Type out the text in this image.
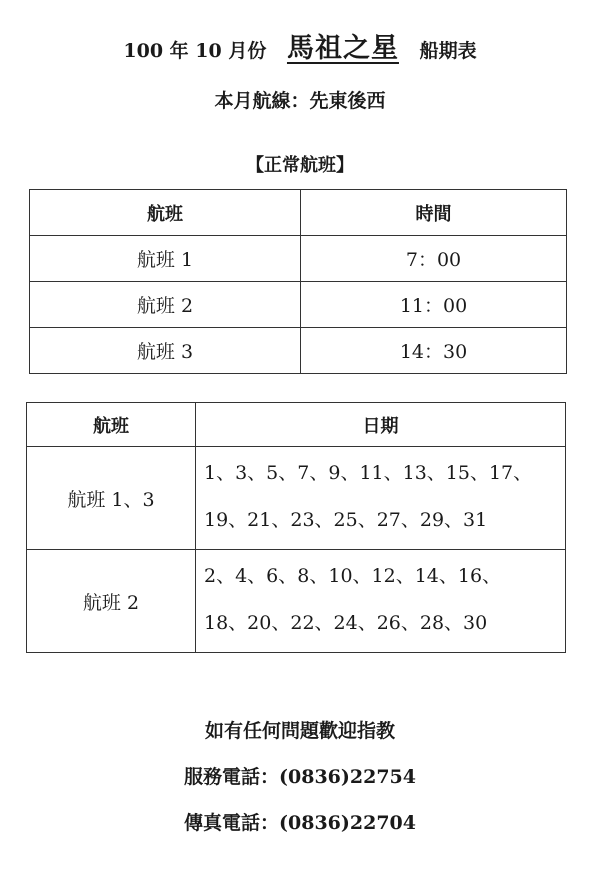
100 年 10 月份 馬祖之星 船期表
本月航線：先東後西
【正常航班】
航班	時間
航班 1	7：00
航班 2	11：00
航班 3	14：30
航班	日期
航班 1、3	1、3、5、7、9、11、13、15、17、
19、21、23、25、27、29、31

航班 2	2、4、6、8、10、12、14、16、
18、20、22、24、26、28、30
如有任何問題歡迎指教
服務電話：(0836)22754
傳真電話：(0836)22704
